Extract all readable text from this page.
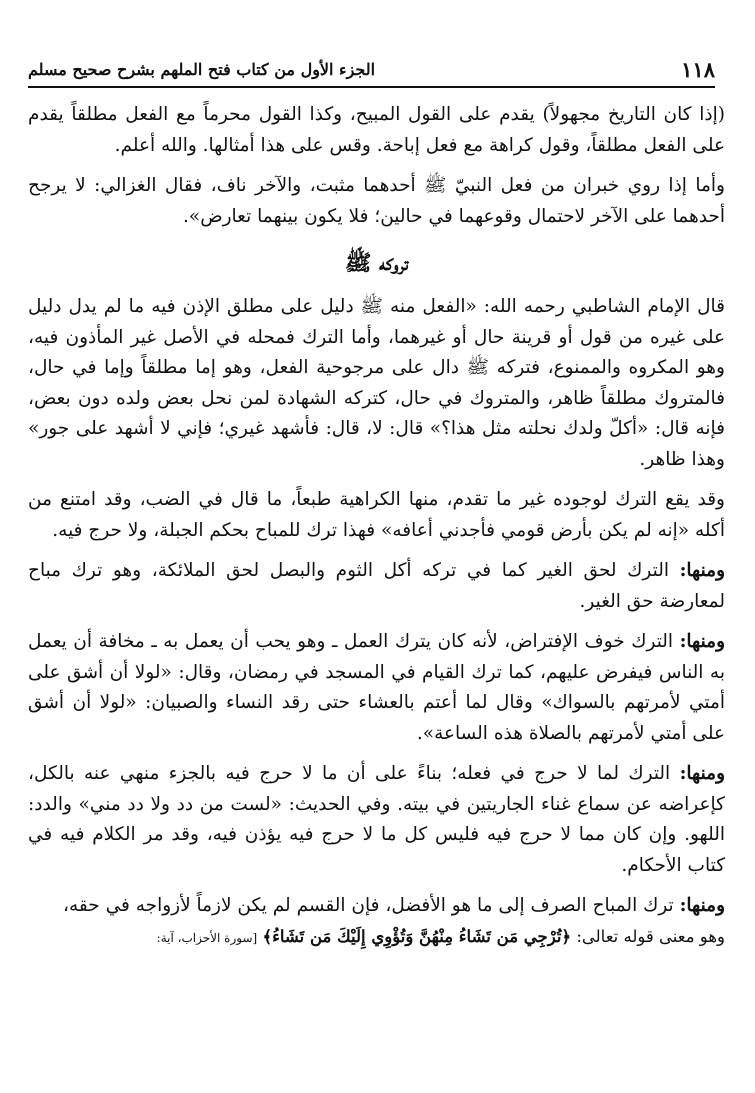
١١٨
الجزء الأول من كتاب فتح الملهم بشرح صحيح مسلم

(إذا كان التاريخ مجهولاً) يقدم على القول المبيح، وكذا القول محرماً مع الفعل مطلقاً يقدم على الفعل مطلقاً، وقول كراهة مع فعل إباحة. وقس على هذا أمثالها. والله أعلم.

وأما إذا روي خبران من فعل النبيّ ﷺ أحدهما مثبت، والآخر ناف، فقال الغزالي: لا يرجح أحدهما على الآخر لاحتمال وقوعهما في حالين؛ فلا يكون بينهما تعارض».

تروكه ﷺ

قال الإمام الشاطبي رحمه الله: «الفعل منه ﷺ دليل على مطلق الإذن فيه ما لم يدل دليل على غيره من قول أو قرينة حال أو غيرهما، وأما الترك فمحله في الأصل غير المأذون فيه، وهو المكروه والممنوع، فتركه ﷺ دال على مرجوحية الفعل، وهو إما مطلقاً وإما في حال، فالمتروك مطلقاً ظاهر، والمتروك في حال، كتركه الشهادة لمن نحل بعض ولده دون بعض، فإنه قال: «أكلّ ولدك نحلته مثل هذا؟» قال: لا، قال: فأشهد غيري؛ فإني لا أشهد على جور» وهذا ظاهر.

وقد يقع الترك لوجوده غير ما تقدم، منها الكراهية طبعاً، ما قال في الضب، وقد امتنع من أكله «إنه لم يكن بأرض قومي فأجدني أعافه» فهذا ترك للمباح بحكم الجبلة، ولا حرج فيه.

ومنها: الترك لحق الغير كما في تركه أكل الثوم والبصل لحق الملائكة، وهو ترك مباح لمعارضة حق الغير.

ومنها: الترك خوف الإفتراض، لأنه كان يترك العمل ـ وهو يحب أن يعمل به ـ مخافة أن يعمل به الناس فيفرض عليهم، كما ترك القيام في المسجد في رمضان، وقال: «لولا أن أشق على أمتي لأمرتهم بالسواك» وقال لما أعتم بالعشاء حتى رقد النساء والصبيان: «لولا أن أشق على أمتي لأمرتهم بالصلاة هذه الساعة».

ومنها: الترك لما لا حرج في فعله؛ بناءً على أن ما لا حرج فيه بالجزء منهي عنه بالكل، كإعراضه عن سماع غناء الجاريتين في بيته. وفي الحديث: «لست من دد ولا دد مني» والدد: اللهو. وإن كان مما لا حرج فيه فليس كل ما لا حرج فيه يؤذن فيه، وقد مر الكلام فيه في كتاب الأحكام.

ومنها: ترك المباح الصرف إلى ما هو الأفضل، فإن القسم لم يكن لازماً لأزواجه في حقه،

وهو معنى قوله تعالى: ﴿تُرْجِي مَن تَشَاءُ مِنْهُنَّ وَتُؤْوِي إِلَيْكَ مَن تَشَاءُ﴾ [سورة الأحزاب، آية:
